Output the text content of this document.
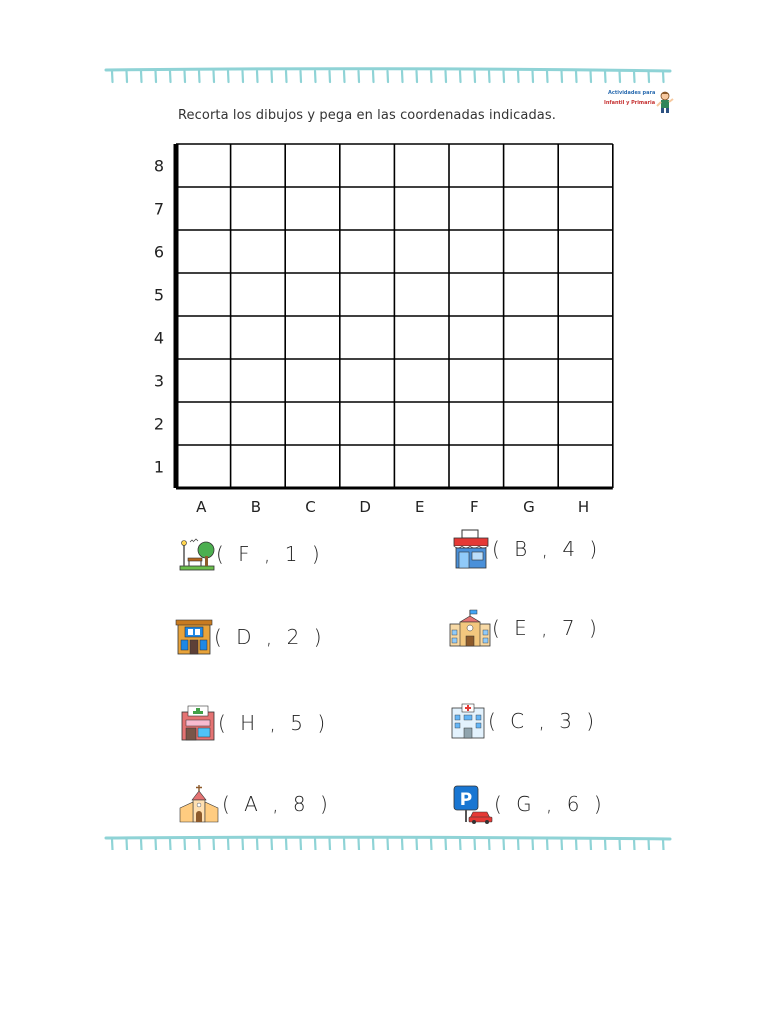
Actividades para
Infantil y Primaria
Recorta los dibujos y pega en las coordenadas indicadas.
1
2
3
4
5
6
7
8
A	B	C	D	E	F	G	H
( F , 1 )	( B , 4 )
( D , 2 )	( E , 7 )
( H , 5 )	( C , 3 )
( A , 8 )	P ( G , 6 )
